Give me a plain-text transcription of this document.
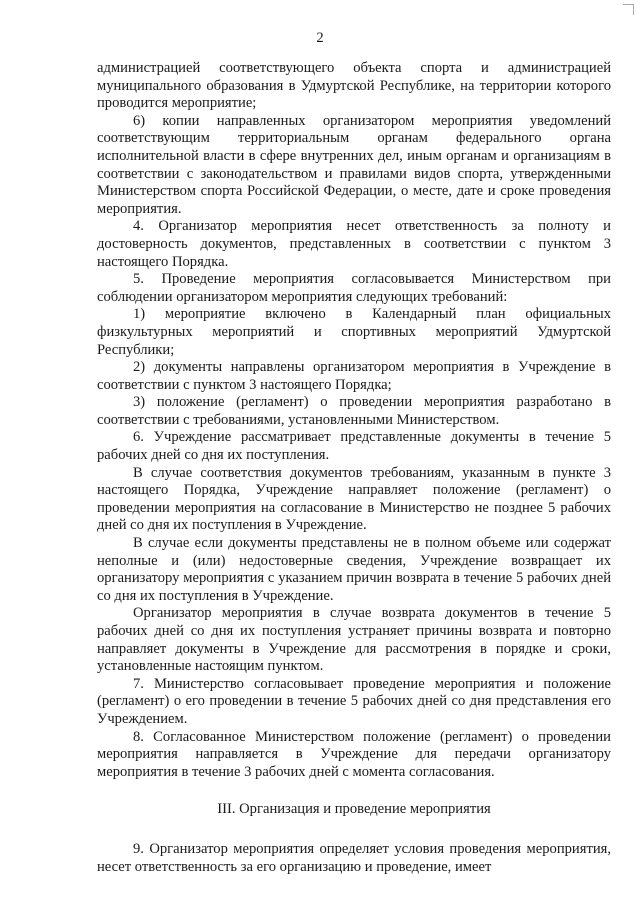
2

администрацией соответствующего объекта спорта и администрацией муниципального образования в Удмуртской Республике, на территории которого проводится мероприятие;

6) копии направленных организатором мероприятия уведомлений соответствующим территориальным органам федерального органа исполнительной власти в сфере внутренних дел, иным органам и организациям в соответствии с законодательством и правилами видов спорта, утвержденными Министерством спорта Российской Федерации, о месте, дате и сроке проведения мероприятия.

4. Организатор мероприятия несет ответственность за полноту и достоверность документов, представленных в соответствии с пунктом 3 настоящего Порядка.

5. Проведение мероприятия согласовывается Министерством при соблюдении организатором мероприятия следующих требований:

1) мероприятие включено в Календарный план официальных физкультурных мероприятий и спортивных мероприятий Удмуртской Республики;

2) документы направлены организатором мероприятия в Учреждение в соответствии с пунктом 3 настоящего Порядка;

3) положение (регламент) о проведении мероприятия разработано в соответствии с требованиями, установленными Министерством.

6. Учреждение рассматривает представленные документы в течение 5 рабочих дней со дня их поступления.

В случае соответствия документов требованиям, указанным в пункте 3 настоящего Порядка, Учреждение направляет положение (регламент) о проведении мероприятия на согласование в Министерство не позднее 5 рабочих дней со дня их поступления в Учреждение.

В случае если документы представлены не в полном объеме или содержат неполные и (или) недостоверные сведения, Учреждение возвращает их организатору мероприятия с указанием причин возврата в течение 5 рабочих дней со дня их поступления в Учреждение.

Организатор мероприятия в случае возврата документов в течение 5 рабочих дней со дня их поступления устраняет причины возврата и повторно направляет документы в Учреждение для рассмотрения в порядке и сроки, установленные настоящим пунктом.

7. Министерство согласовывает проведение мероприятия и положение (регламент) о его проведении в течение 5 рабочих дней со дня представления его Учреждением.

8. Согласованное Министерством положение (регламент) о проведении мероприятия направляется в Учреждение для передачи организатору мероприятия в течение 3 рабочих дней с момента согласования.

III. Организация и проведение мероприятия

9. Организатор мероприятия определяет условия проведения мероприятия, несет ответственность за его организацию и проведение, имеет
